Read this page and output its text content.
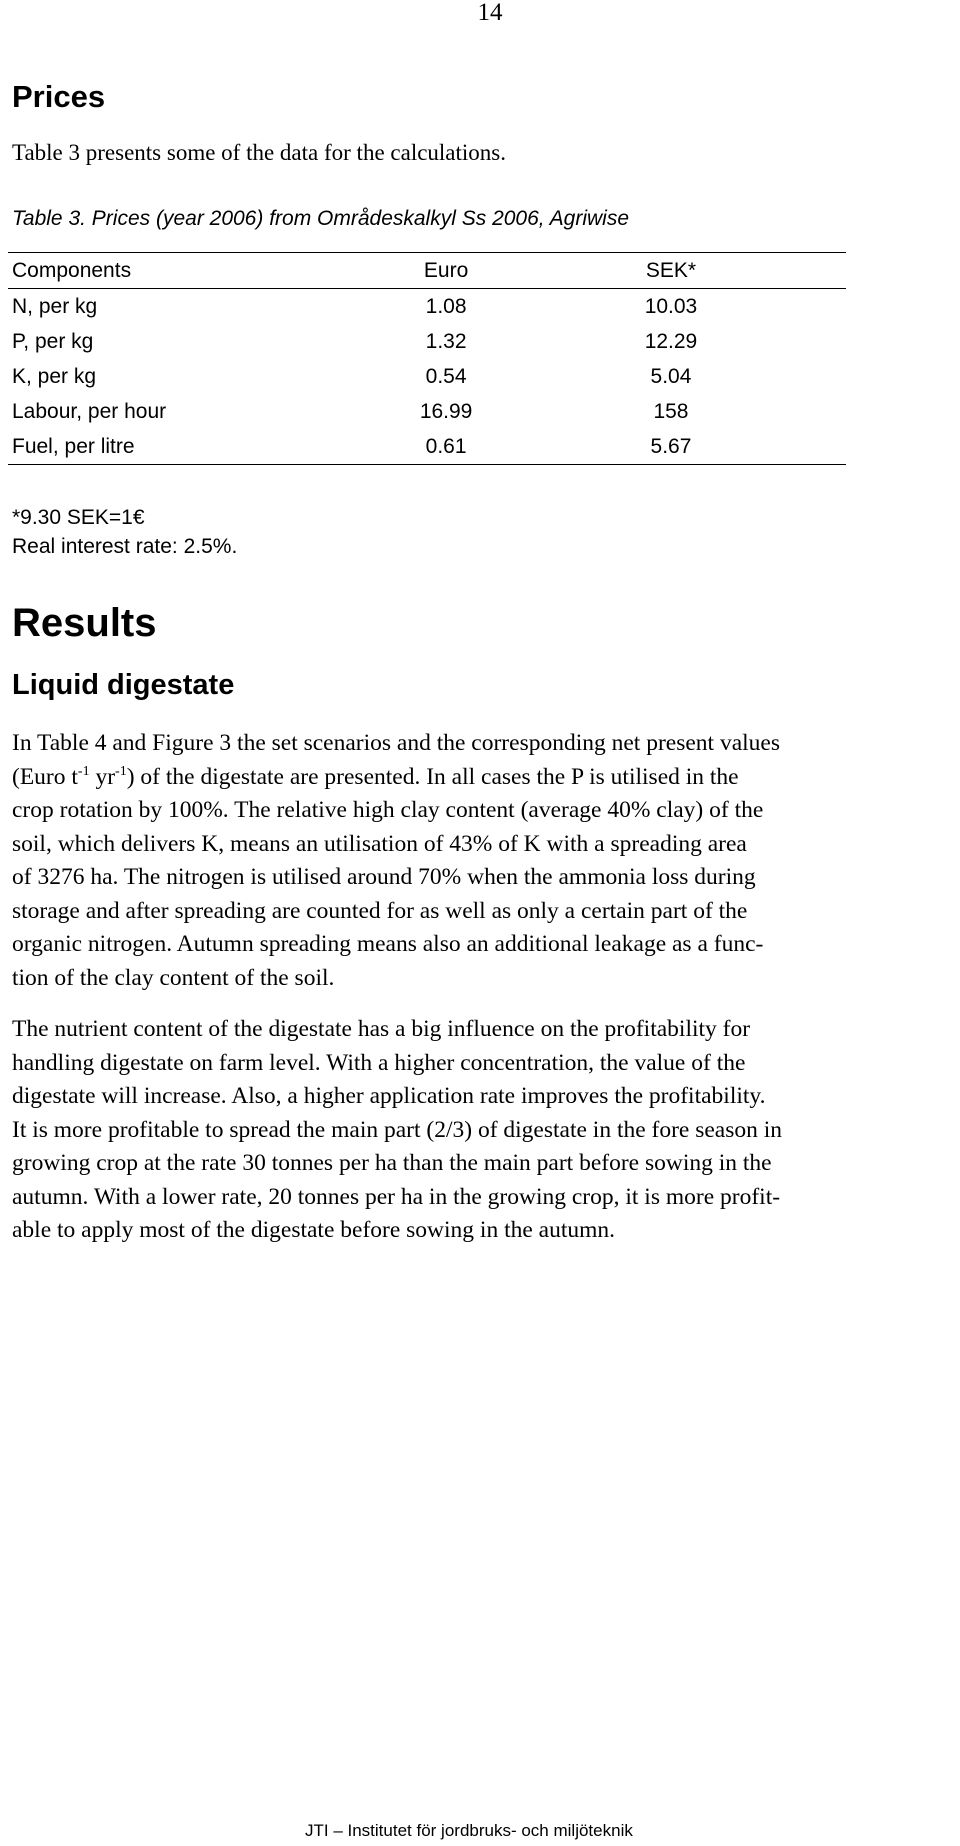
14
Prices
Table 3 presents some of the data for the calculations.
Table 3. Prices (year 2006) from Områdeskalkyl Ss 2006, Agriwise
Components	Euro	SEK*
N, per kg	1.08	10.03
P, per kg	1.32	12.29
K, per kg	0.54	5.04
Labour, per hour	16.99	158
Fuel, per litre	0.61	5.67
*9.30 SEK=1€
Real interest rate: 2.5%.
Results
Liquid digestate
In Table 4 and Figure 3 the set scenarios and the corresponding net present values
(Euro $t^{-1}$ $yr^{-1}$) of the digestate are presented. In all cases the P is utilised in the
crop rotation by 100%. The relative high clay content (average 40% clay) of the
soil, which delivers K, means an utilisation of 43% of K with a spreading area
of 3276 ha. The nitrogen is utilised around 70% when the ammonia loss during
storage and after spreading are counted for as well as only a certain part of the
organic nitrogen. Autumn spreading means also an additional leakage as a func-
tion of the clay content of the soil.
The nutrient content of the digestate has a big influence on the profitability for
handling digestate on farm level. With a higher concentration, the value of the
digestate will increase. Also, a higher application rate improves the profitability.
It is more profitable to spread the main part (2/3) of digestate in the fore season in
growing crop at the rate 30 tonnes per ha than the main part before sowing in the
autumn. With a lower rate, 20 tonnes per ha in the growing crop, it is more profit-
able to apply most of the digestate before sowing in the autumn.
JTI – Institutet för jordbruks- och miljöteknik
